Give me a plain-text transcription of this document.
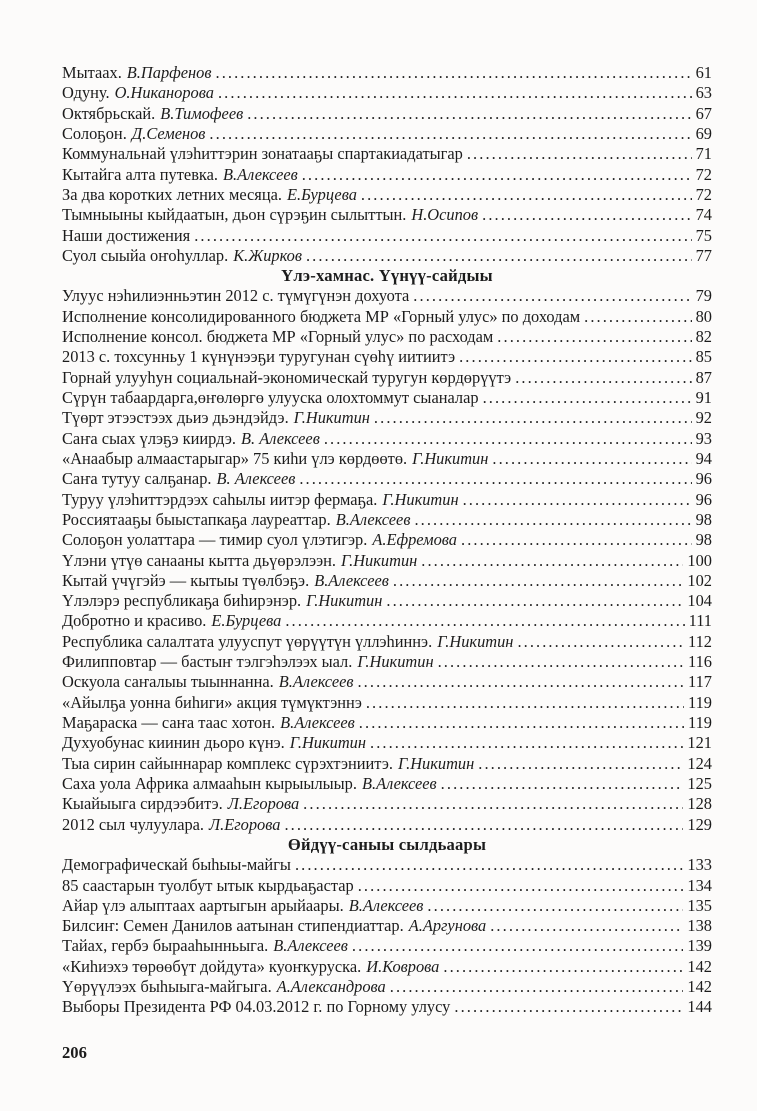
Мытаах. В.Парфенов .....	61
Одуну. О.Никанорова .....	63
Октябрьскай. В.Тимофеев .....	67
Солоҕон. Д.Семенов .....	69
Коммунальнай үлэһиттэрин зонатааҕы спартакиадатыгар .....	71
Кытайга алта путевка. В.Алексеев .....	72
За два коротких летних месяца. Е.Бурцева .....	72
Тымныыны кыйдаатын, дьон сүрэҕин сылыттын. Н.Осипов .....	74
Наши достижения .....	75
Суол сыыйа оҥоһуллар. К.Жирков .....	77
Үлэ-хамнас. Үүнүү-сайдыы
Улуус нэһилиэнньэтин 2012 с. түмүгүнэн дохуота .....	79
Исполнение консолидированного бюджета МР «Горный улус» по доходам .....	80
Исполнение консол. бюджета МР «Горный улус» по расходам .....	82
2013 с. тохсунньу 1 күнүнээҕи туругунан сүөһү иитиитэ .....	85
Горнай улууһун социальнай-экономическай туругун көрдөрүүтэ .....	87
Сүрүн табаардарга,өҥөлөргө улууска олохтоммут сыаналар .....	91
Түөрт этээстээх дьиэ дьэндэйдэ. Г.Никитин .....	92
Саҥа сыах үлэҕэ киирдэ. В. Алексеев .....	93
«Анаабыр алмаастарыгар» 75 киһи үлэ көрдөөтө. Г.Никитин .....	94
Саҥа тутуу салҕанар. В. Алексеев .....	96
Туруу үлэһиттэрдээх саһылы иитэр фермаҕа. Г.Никитин .....	96
Россиятааҕы быыстапкаҕа лауреаттар. В.Алексеев .....	98
Солоҕон уолаттара — тимир суол үлэтигэр. А.Ефремова .....	98
Үлэни үтүө санааны кытта дьүөрэлээн. Г.Никитин .....	100
Кытай үчүгэйэ — кытыы түөлбэҕэ. В.Алексеев .....	102
Үлэлэрэ республикаҕа биһирэнэр. Г.Никитин .....	104
Добротно и красиво. Е.Бурцева .....	111
Республика салалтата улууспут үөрүүтүн үллэһиннэ. Г.Никитин .....	112
Филипповтар — бастыҥ тэлгэһэлээх ыал. Г.Никитин .....	116
Оскуола саҥалыы тыыннанна. В.Алексеев .....	117
«Айылҕа уонна биһиги» акция түмүктэннэ .....	119
Маҕараска — саҥа таас хотон. В.Алексеев .....	119
Духуобунас киинин дьоро күнэ. Г.Никитин .....	121
Тыа сирин сайыннарар комплекс сүрэхтэниитэ. Г.Никитин .....	124
Саха уола Африка алмааһын кырыылыыр. В.Алексеев .....	125
Кыайыыга сирдээбитэ. Л.Егорова .....	128
2012 сыл чулуулара. Л.Егорова .....	129
Өйдүү-саныы сылдьаары
Демографическай быһыы-майгы .....	133
85 саастарын туолбут ытык кырдьаҕастар .....	134
Айар үлэ алыптаах аартыгын арыйаары. В.Алексеев .....	135
Билсиҥ: Семен Данилов аатынан стипендиаттар. А.Аргунова .....	138
Тайах, гербэ бырааһынньыга. В.Алексеев .....	139
«Киһиэхэ төрөөбүт дойдута» куоҥкуруска. И.Коврова .....	142
Үөрүүлээх быһыыга-майгыга. А.Александрова .....	142
Выборы Президента РФ 04.03.2012 г. по Горному улусу .....	144
206
